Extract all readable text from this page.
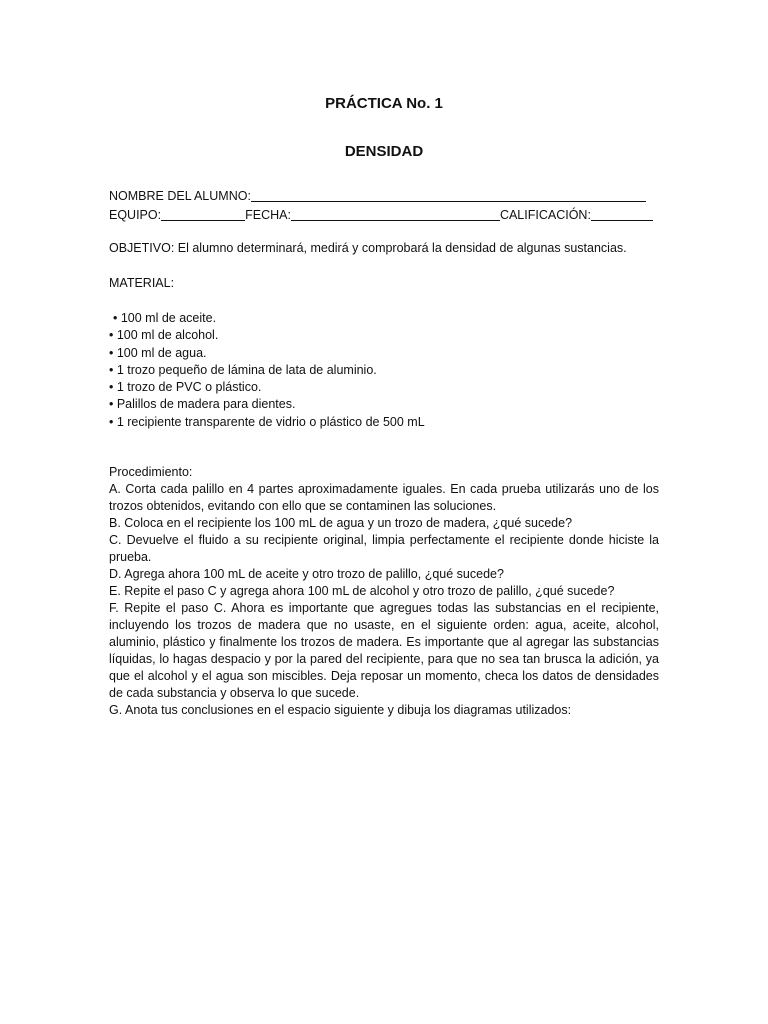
PRÁCTICA No. 1
DENSIDAD
NOMBRE DEL ALUMNO:
EQUIPO:	FECHA:	CALIFICACIÓN:
OBJETIVO: El alumno determinará, medirá y comprobará la densidad de algunas sustancias.
MATERIAL:
• 100 ml de aceite.
• 100 ml de alcohol.
• 100 ml de agua.
• 1 trozo pequeño de lámina de lata de aluminio.
• 1 trozo de PVC o plástico.
• Palillos de madera para dientes.
• 1 recipiente transparente de vidrio o plástico de 500 mL
Procedimiento:

A. Corta cada palillo en 4 partes aproximadamente iguales. En cada prueba utilizarás uno de los trozos obtenidos, evitando con ello que se contaminen las soluciones.

B. Coloca en el recipiente los 100 mL de agua y un trozo de madera, ¿qué sucede?

C. Devuelve el fluido a su recipiente original, limpia perfectamente el recipiente donde hiciste la prueba.

D. Agrega ahora 100 mL de aceite y otro trozo de palillo, ¿qué sucede?

E. Repite el paso C y agrega ahora 100 mL de alcohol y otro trozo de palillo, ¿qué sucede?

F. Repite el paso C. Ahora es importante que agregues todas las substancias en el recipiente, incluyendo los trozos de madera que no usaste, en el siguiente orden: agua, aceite, alcohol, aluminio, plástico y finalmente los trozos de madera. Es importante que al agregar las substancias líquidas, lo hagas despacio y por la pared del recipiente, para que no sea tan brusca la adición, ya que el alcohol y el agua son miscibles. Deja reposar un momento, checa los datos de densidades de cada substancia y observa lo que sucede.

G. Anota tus conclusiones en el espacio siguiente y dibuja los diagramas utilizados:
